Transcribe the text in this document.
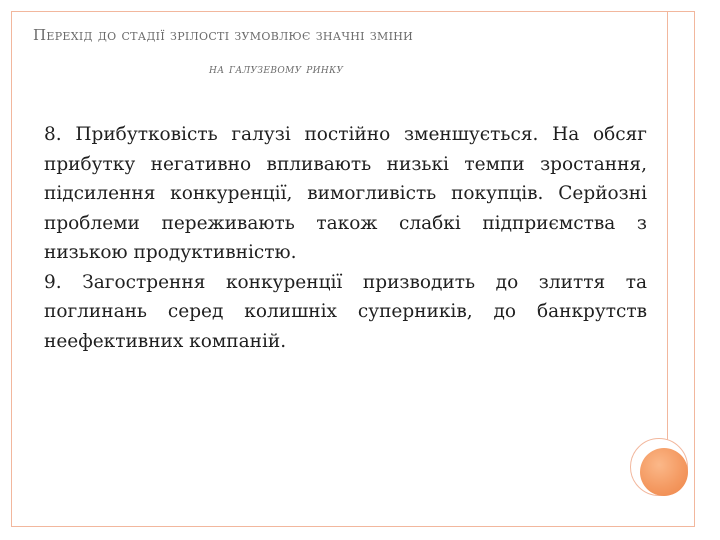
Перехід до стадії зрілості зумовлює значні зміни
на галузевому ринку

8. Прибутковість галузі постійно зменшується. На обсяг прибутку негативно впливають низькі темпи зростання, підсилення конкуренції, вимогливість покупців. Серйозні проблеми переживають також слабкі підприємства з низькою продуктивністю.

9. Загострення конкуренції призводить до злиття та поглинань серед колишніх суперників, до банкрутств неефективних компаній.
